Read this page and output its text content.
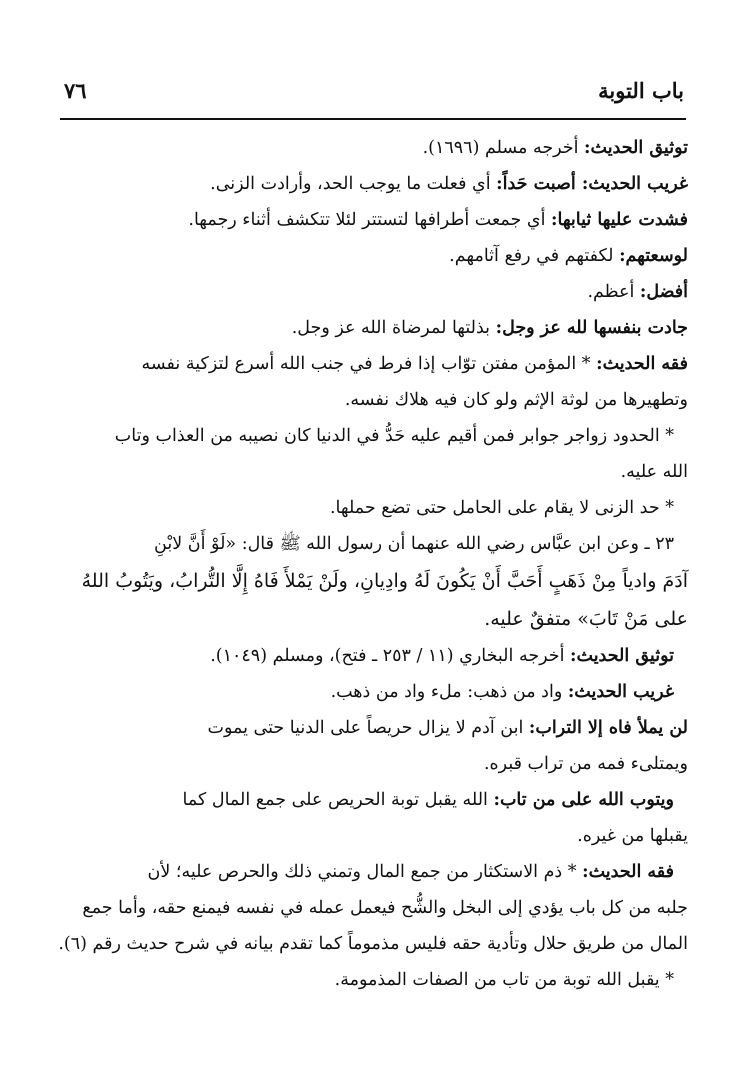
باب التوبة
٧٦
توثيق الحديث: أخرجه مسلم (١٦٩٦).
غريب الحديث: أصبت حَداً: أي فعلت ما يوجب الحد، وأرادت الزنى.
فشدت عليها ثيابها: أي جمعت أطرافها لتستتر لئلا تتكشف أثناء رجمها.
لوسعتهم: لكفتهم في رفع آثامهم.
أفضل: أعظم.
جادت بنفسها لله عز وجل: بذلتها لمرضاة الله عز وجل.
فقه الحديث: * المؤمن مفتن توّاب إذا فرط في جنب الله أسرع لتزكية نفسه
وتطهيرها من لوثة الإثم ولو كان فيه هلاك نفسه.
* الحدود زواجر جوابر فمن أقيم عليه حَدُّ في الدنيا كان نصيبه من العذاب وتاب
الله عليه.
* حد الزنى لا يقام على الحامل حتى تضع حملها.
٢٣ ـ وعن ابن عبَّاس رضي الله عنهما أن رسول الله ﷺ قال: «لَوْ أَنَّ لابْنِ
آدَمَ وادياً مِنْ ذَهَبٍ أَحَبَّ أَنْ يَكُونَ لَهُ وادِيانِ، ولَنْ يَمْلأَ فَاهُ إِلَّا التُّرابُ، ويَتُوبُ اللهُ
على مَنْ تَابَ» متفقٌ عليه.
توثيق الحديث: أخرجه البخاري (١١ / ٢٥٣ ـ فتح)، ومسلم (١٠٤٩).
غريب الحديث: واد من ذهب: ملء واد من ذهب.
لن يملأ فاه إلا التراب: ابن آدم لا يزال حريصاً على الدنيا حتى يموت
ويمتلىء فمه من تراب قبره.
ويتوب الله على من تاب: الله يقبل توبة الحريص على جمع المال كما
يقبلها من غيره.
فقه الحديث: * ذم الاستكثار من جمع المال وتمني ذلك والحرص عليه؛ لأن
جلبه من كل باب يؤدي إلى البخل والشُّح فيعمل عمله في نفسه فيمنع حقه، وأما جمع
المال من طريق حلال وتأدية حقه فليس مذموماً كما تقدم بيانه في شرح حديث رقم (٦).
* يقبل الله توبة من تاب من الصفات المذمومة.
